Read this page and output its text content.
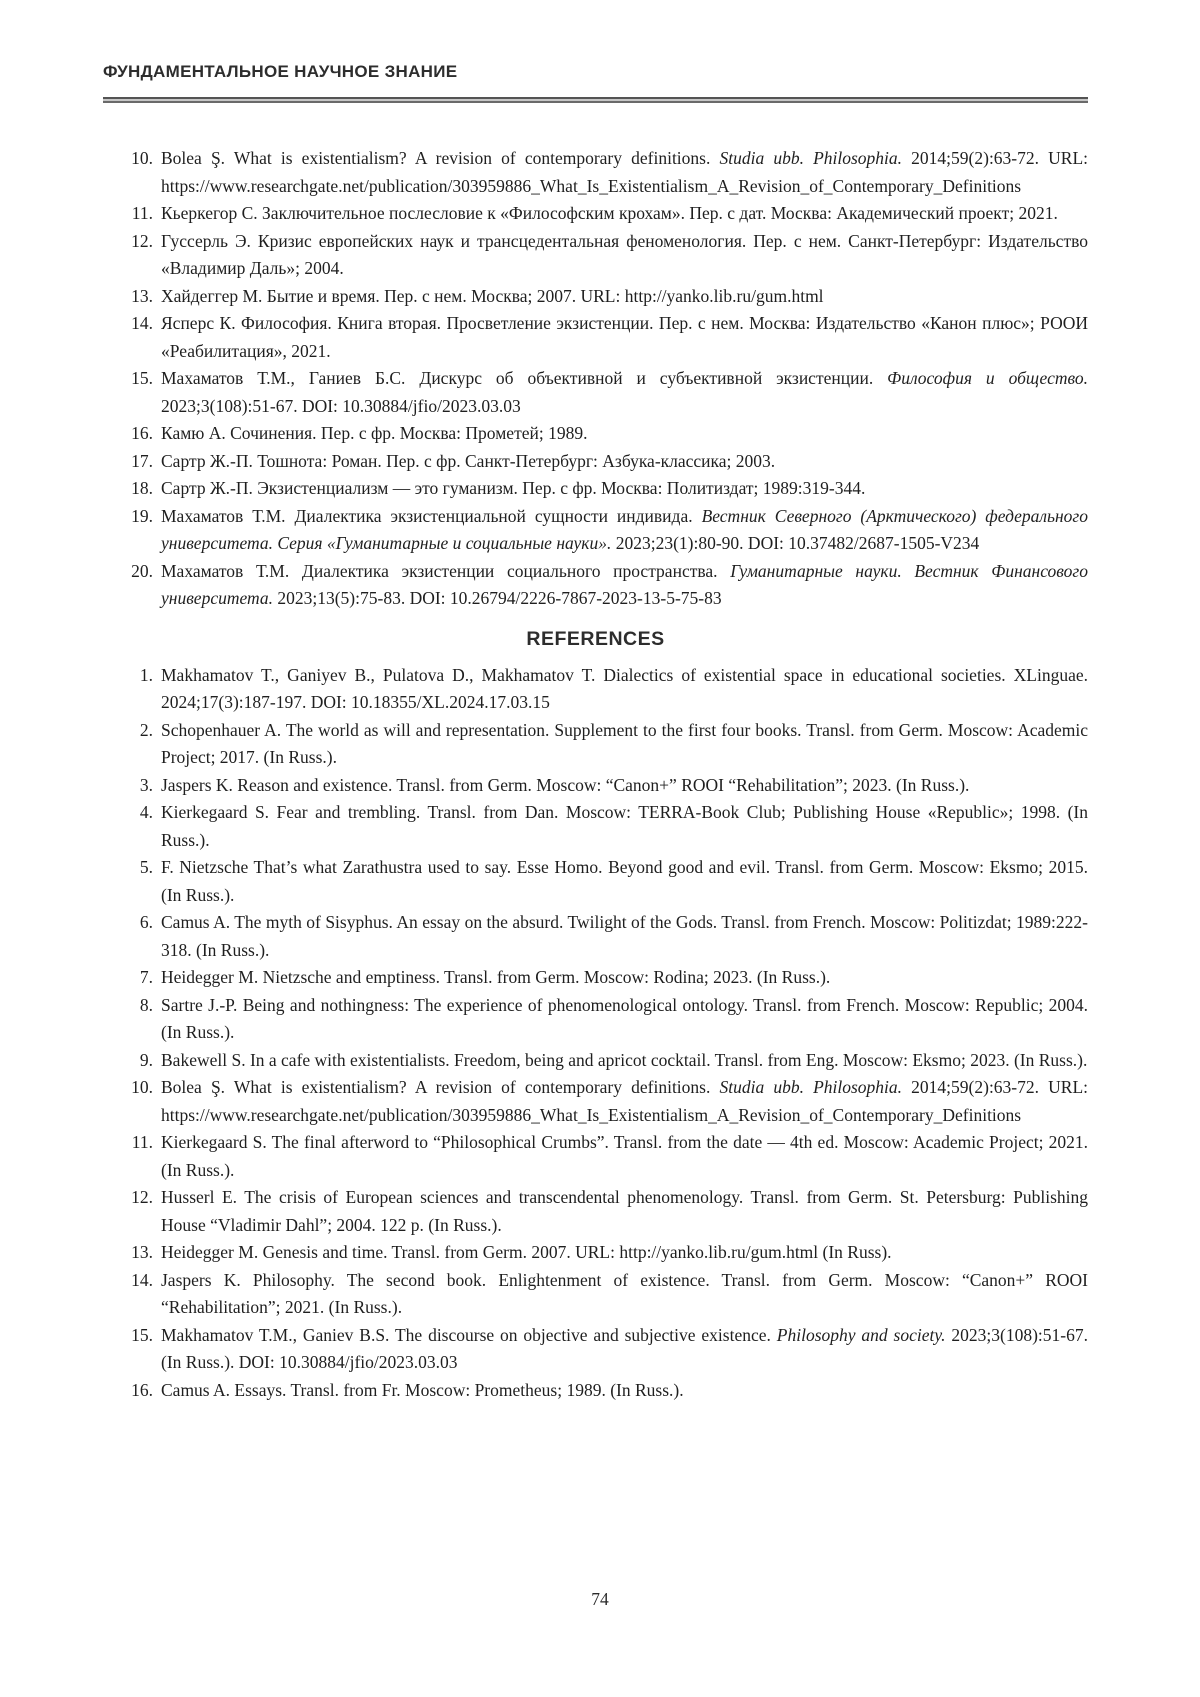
ФУНДАМЕНТАЛЬНОЕ НАУЧНОЕ ЗНАНИЕ
10. Bolea Ş. What is existentialism? A revision of contemporary definitions. Studia ubb. Philosophia. 2014;59(2):63-72. URL: https://www.researchgate.net/publication/303959886_What_Is_Existentialism_A_Revision_of_Contemporary_Definitions
11. Кьеркегор С. Заключительное послесловие к «Философским крохам». Пер. с дат. Москва: Академический проект; 2021.
12. Гуссерль Э. Кризис европейских наук и трансцедентальная феноменология. Пер. с нем. Санкт-Петербург: Издательство «Владимир Даль»; 2004.
13. Хайдеггер М. Бытие и время. Пер. с нем. Москва; 2007. URL: http://yanko.lib.ru/gum.html
14. Ясперс К. Философия. Книга вторая. Просветление экзистенции. Пер. с нем. Москва: Издательство «Канон плюс»; РООИ «Реабилитация», 2021.
15. Махаматов Т.М., Ганиев Б.С. Дискурс об объективной и субъективной экзистенции. Философия и общество. 2023;3(108):51-67. DOI: 10.30884/jfio/2023.03.03
16. Камю А. Сочинения. Пер. с фр. Москва: Прометей; 1989.
17. Сартр Ж.-П. Тошнота: Роман. Пер. с фр. Санкт-Петербург: Азбука-классика; 2003.
18. Сартр Ж.-П. Экзистенциализм — это гуманизм. Пер. с фр. Москва: Политиздат; 1989:319-344.
19. Махаматов Т.М. Диалектика экзистенциальной сущности индивида. Вестник Северного (Арктического) федерального университета. Серия «Гуманитарные и социальные науки». 2023;23(1):80-90. DOI: 10.37482/2687-1505-V234
20. Махаматов Т.М. Диалектика экзистенции социального пространства. Гуманитарные науки. Вестник Финансового университета. 2023;13(5):75-83. DOI: 10.26794/2226-7867-2023-13-5-75-83
REFERENCES
1. Makhamatov T., Ganiyev B., Pulatova D., Makhamatov T. Dialectics of existential space in educational societies. XLinguae. 2024;17(3):187-197. DOI: 10.18355/XL.2024.17.03.15
2. Schopenhauer A. The world as will and representation. Supplement to the first four books. Transl. from Germ. Moscow: Academic Project; 2017. (In Russ.).
3. Jaspers K. Reason and existence. Transl. from Germ. Moscow: “Canon+” ROOI “Rehabilitation”; 2023. (In Russ.).
4. Kierkegaard S. Fear and trembling. Transl. from Dan. Moscow: TERRA-Book Club; Publishing House «Republic»; 1998. (In Russ.).
5. F. Nietzsche That’s what Zarathustra used to say. Esse Homo. Beyond good and evil. Transl. from Germ. Moscow: Eksmo; 2015. (In Russ.).
6. Camus A. The myth of Sisyphus. An essay on the absurd. Twilight of the Gods. Transl. from French. Moscow: Politizdat; 1989:222-318. (In Russ.).
7. Heidegger M. Nietzsche and emptiness. Transl. from Germ. Moscow: Rodina; 2023. (In Russ.).
8. Sartre J.-P. Being and nothingness: The experience of phenomenological ontology. Transl. from French. Moscow: Republic; 2004. (In Russ.).
9. Bakewell S. In a cafe with existentialists. Freedom, being and apricot cocktail. Transl. from Eng. Moscow: Eksmo; 2023. (In Russ.).
10. Bolea Ş. What is existentialism? A revision of contemporary definitions. Studia ubb. Philosophia. 2014;59(2):63-72. URL: https://www.researchgate.net/publication/303959886_What_Is_Existentialism_A_Revision_of_Contemporary_Definitions
11. Kierkegaard S. The final afterword to “Philosophical Crumbs”. Transl. from the date — 4th ed. Moscow: Academic Project; 2021. (In Russ.).
12. Husserl E. The crisis of European sciences and transcendental phenomenology. Transl. from Germ. St. Petersburg: Publishing House “Vladimir Dahl”; 2004. 122 p. (In Russ.).
13. Heidegger M. Genesis and time. Transl. from Germ. 2007. URL: http://yanko.lib.ru/gum.html (In Russ).
14. Jaspers K. Philosophy. The second book. Enlightenment of existence. Transl. from Germ. Moscow: “Canon+” ROOI “Rehabilitation”; 2021. (In Russ.).
15. Makhamatov T.M., Ganiev B.S. The discourse on objective and subjective existence. Philosophy and society. 2023;3(108):51-67. (In Russ.). DOI: 10.30884/jfio/2023.03.03
16. Camus A. Essays. Transl. from Fr. Moscow: Prometheus; 1989. (In Russ.).
74
